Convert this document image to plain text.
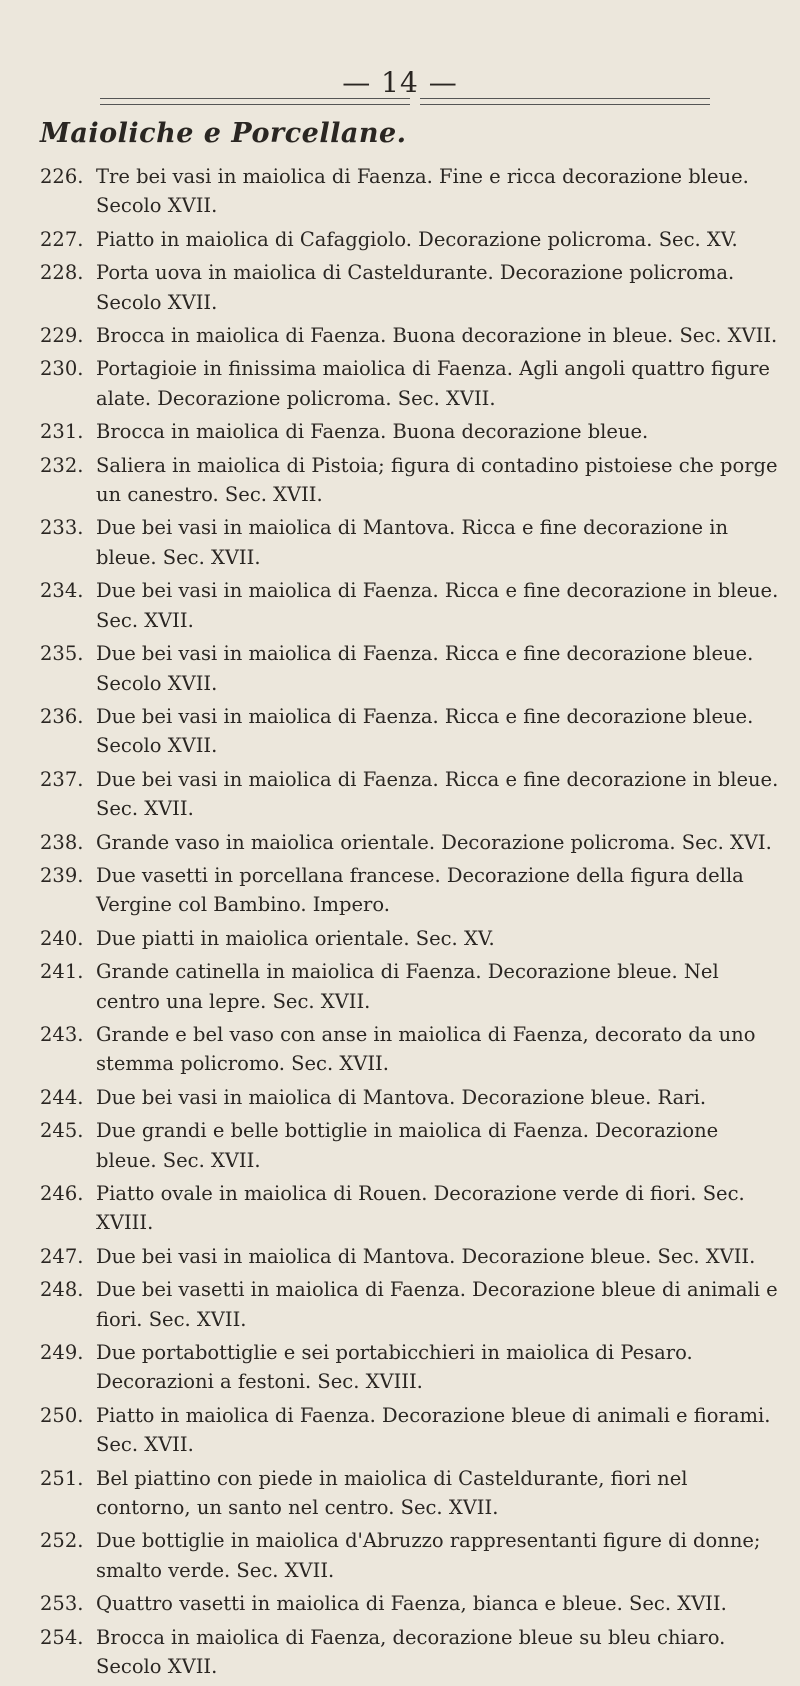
— 14 —
Maioliche e Porcellane.
226. Tre bei vasi in maiolica di Faenza. Fine e ricca decorazione bleue. Secolo XVII.
227. Piatto in maiolica di Cafaggiolo. Decorazione policroma. Sec. XV.
228. Porta uova in maiolica di Casteldurante. Decorazione policroma. Secolo XVII.
229. Brocca in maiolica di Faenza. Buona decorazione in bleue. Sec. XVII.
230. Portagioie in finissima maiolica di Faenza. Agli angoli quattro figure alate. Decorazione policroma. Sec. XVII.
231. Brocca in maiolica di Faenza. Buona decorazione bleue.
232. Saliera in maiolica di Pistoia; figura di contadino pistoiese che porge un canestro. Sec. XVII.
233. Due bei vasi in maiolica di Mantova. Ricca e fine decorazione in bleue. Sec. XVII.
234. Due bei vasi in maiolica di Faenza. Ricca e fine decorazione in bleue. Sec. XVII.
235. Due bei vasi in maiolica di Faenza. Ricca e fine decorazione bleue. Secolo XVII.
236. Due bei vasi in maiolica di Faenza. Ricca e fine decorazione bleue. Secolo XVII.
237. Due bei vasi in maiolica di Faenza. Ricca e fine decorazione in bleue. Sec. XVII.
238. Grande vaso in maiolica orientale. Decorazione policroma. Sec. XVI.
239. Due vasetti in porcellana francese. Decorazione della figura della Vergine col Bambino. Impero.
240. Due piatti in maiolica orientale. Sec. XV.
241. Grande catinella in maiolica di Faenza. Decorazione bleue. Nel centro una lepre. Sec. XVII.
243. Grande e bel vaso con anse in maiolica di Faenza, decorato da uno stemma policromo. Sec. XVII.
244. Due bei vasi in maiolica di Mantova. Decorazione bleue. Rari.
245. Due grandi e belle bottiglie in maiolica di Faenza. Decorazione bleue. Sec. XVII.
246. Piatto ovale in maiolica di Rouen. Decorazione verde di fiori. Sec. XVIII.
247. Due bei vasi in maiolica di Mantova. Decorazione bleue. Sec. XVII.
248. Due bei vasetti in maiolica di Faenza. Decorazione bleue di animali e fiori. Sec. XVII.
249. Due portabottiglie e sei portabicchieri in maiolica di Pesaro. Decorazioni a festoni. Sec. XVIII.
250. Piatto in maiolica di Faenza. Decorazione bleue di animali e fiorami. Sec. XVII.
251. Bel piattino con piede in maiolica di Casteldurante, fiori nel contorno, un santo nel centro. Sec. XVII.
252. Due bottiglie in maiolica d'Abruzzo rappresentanti figure di donne; smalto verde. Sec. XVII.
253. Quattro vasetti in maiolica di Faenza, bianca e bleue. Sec. XVII.
254. Brocca in maiolica di Faenza, decorazione bleue su bleu chiaro. Secolo XVII.
